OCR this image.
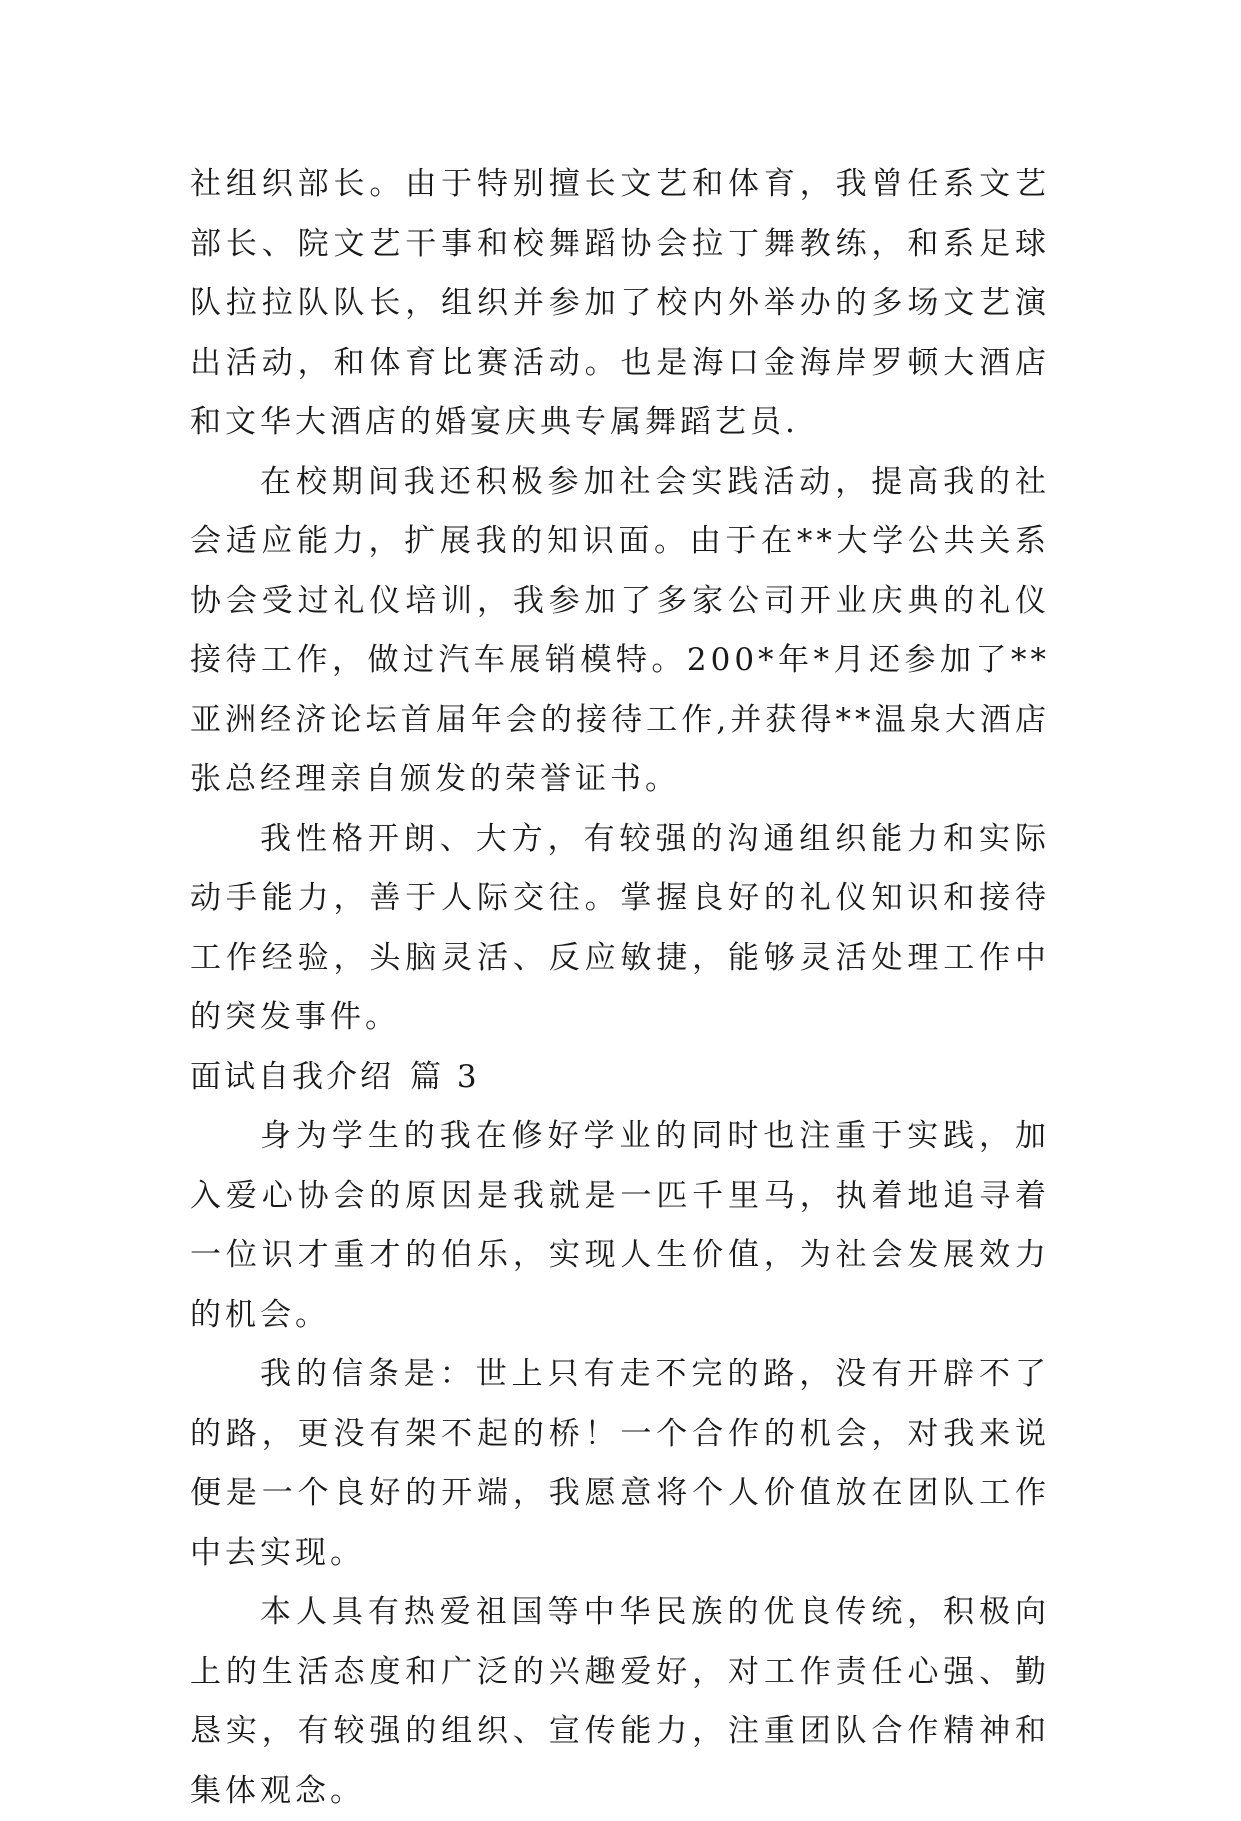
社组织部长。由于特别擅长文艺和体育，我曾任系文艺部长、院文艺干事和校舞蹈协会拉丁舞教练，和系足球队拉拉队队长，组织并参加了校内外举办的多场文艺演出活动，和体育比赛活动。也是海口金海岸罗顿大酒店和文华大酒店的婚宴庆典专属舞蹈艺员.

在校期间我还积极参加社会实践活动，提高我的社会适应能力，扩展我的知识面。由于在**大学公共关系协会受过礼仪培训，我参加了多家公司开业庆典的礼仪接待工作，做过汽车展销模特。200*年*月还参加了**亚洲经济论坛首届年会的接待工作,并获得**温泉大酒店张总经理亲自颁发的荣誉证书。

我性格开朗、大方，有较强的沟通组织能力和实际动手能力，善于人际交往。掌握良好的礼仪知识和接待工作经验，头脑灵活、反应敏捷，能够灵活处理工作中的突发事件。

面试自我介绍 篇 3

身为学生的我在修好学业的同时也注重于实践，加入爱心协会的原因是我就是一匹千里马，执着地追寻着一位识才重才的伯乐，实现人生价值，为社会发展效力的机会。

我的信条是：世上只有走不完的路，没有开辟不了的路，更没有架不起的桥！一个合作的机会，对我来说便是一个良好的开端，我愿意将个人价值放在团队工作中去实现。

本人具有热爱祖国等中华民族的优良传统，积极向上的生活态度和广泛的兴趣爱好，对工作责任心强、勤恳实，有较强的组织、宣传能力，注重团队合作精神和集体观念。
